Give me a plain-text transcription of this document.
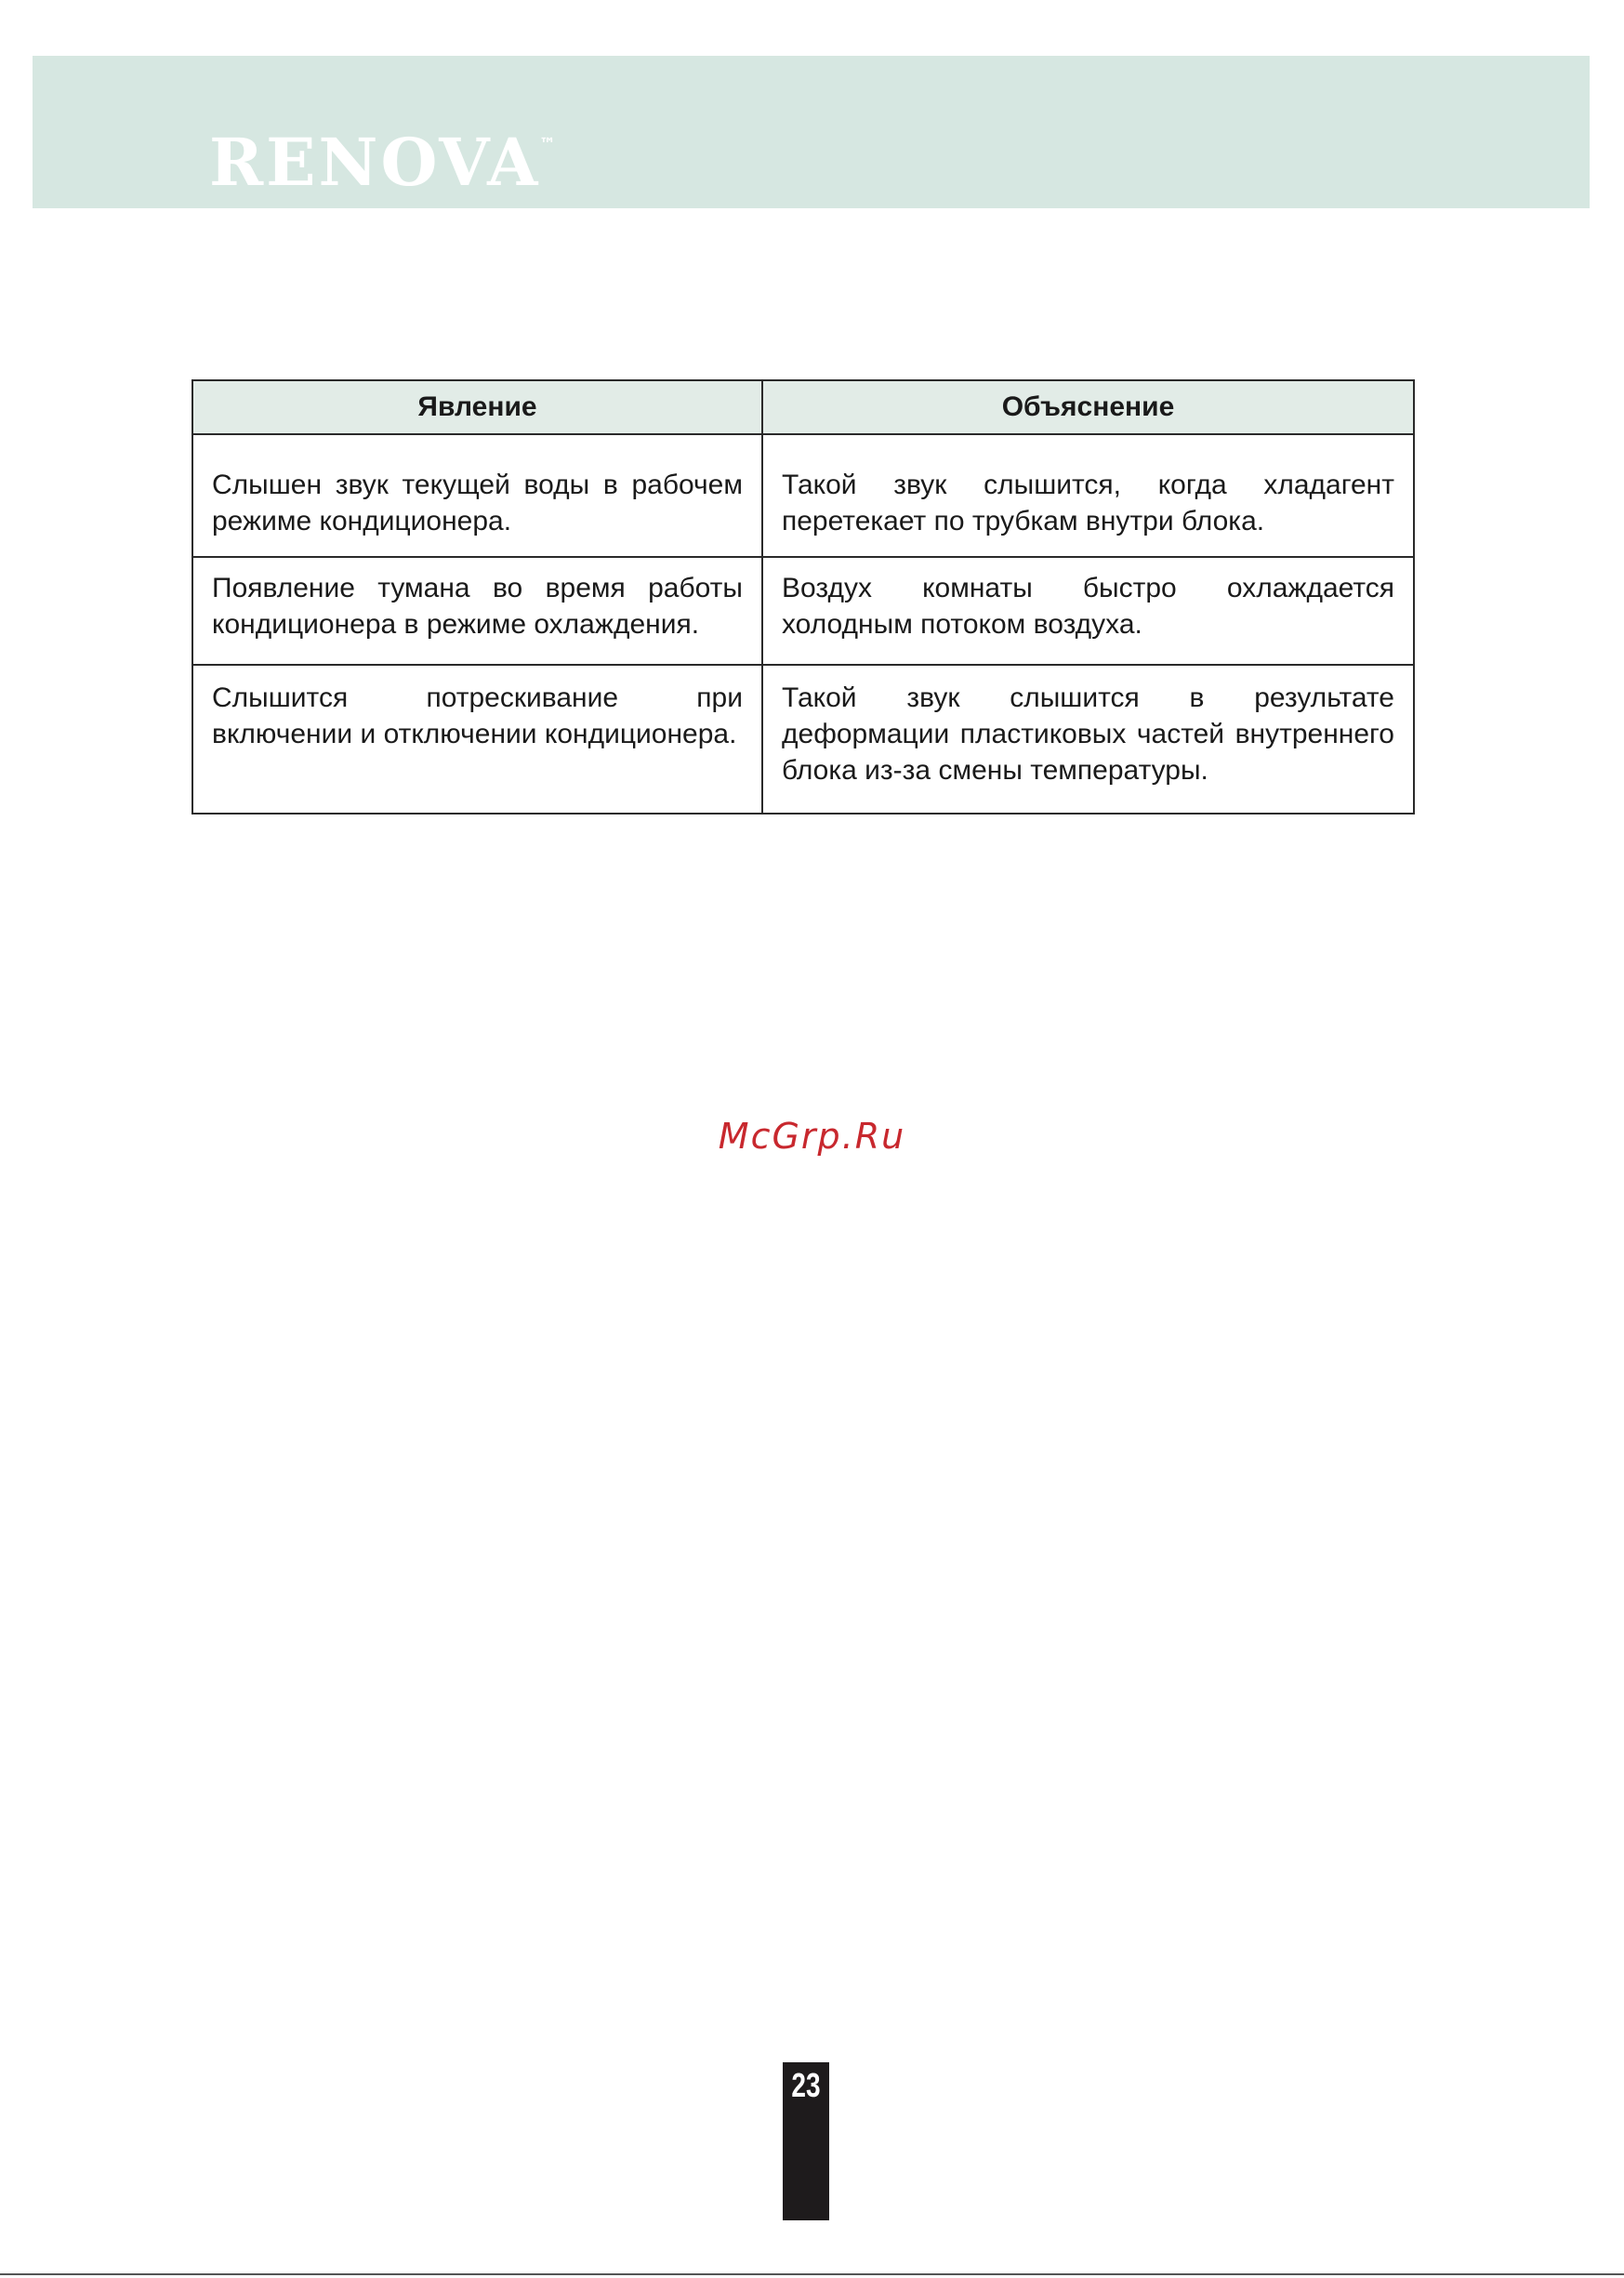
RENOVA
™
Явление	Объяснение

Слышен звук текущей воды в рабочем режиме кондиционера.	Такой звук слышится, когда хладагент перетекает по трубкам внутри блока.

Появление тумана во время работы кондиционера в режиме охлаждения.	Воздух комнаты быстро охлаждается холодным потоком воздуха.

Слышится потрескивание при включении и отключении кондиционера.	Такой звук слышится в результате деформации пластиковых частей внутреннего блока из-за смены температуры.
McGrp.Ru
23
